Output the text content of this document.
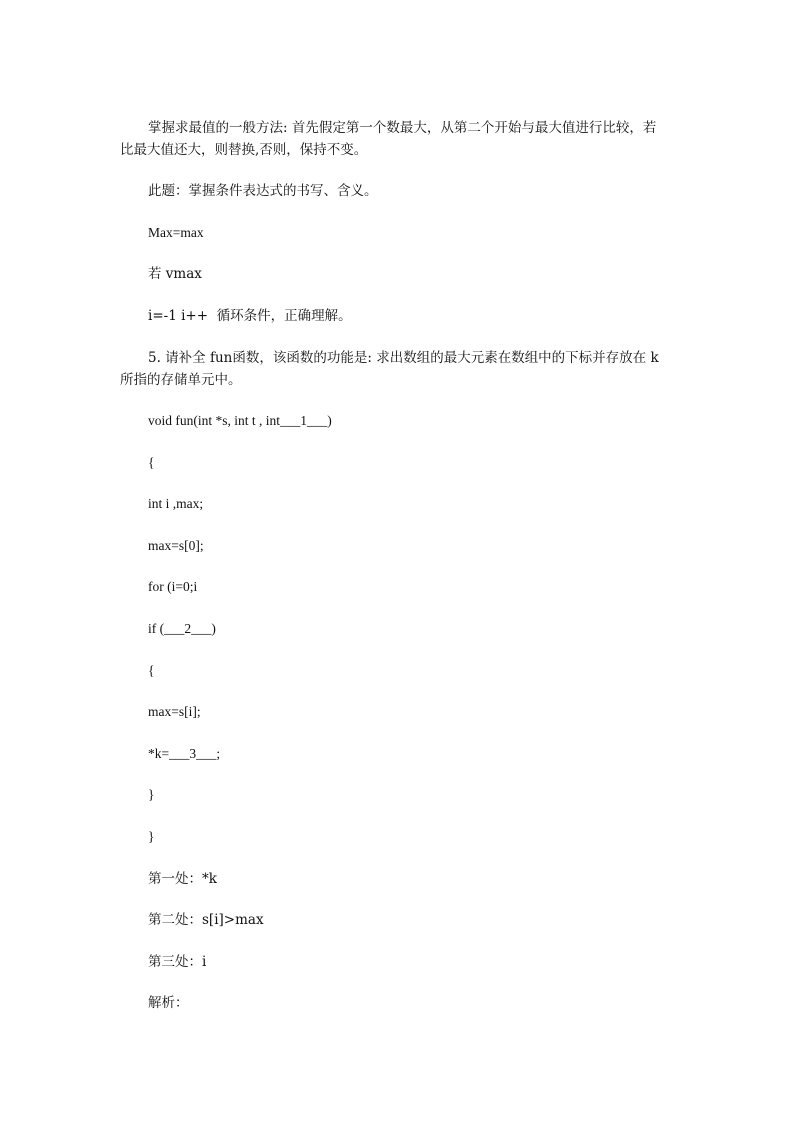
掌握求最值的一般方法: 首先假定第一个数最大，从第二个开始与最大值进行比较，若
比最大值还大，则替换,否则，保持不变。
此题：掌握条件表达式的书写、含义。
Max=max
若 vmax
i=-1 i++  循环条件，正确理解。
5. 请补全 fun函数，该函数的功能是: 求出数组的最大元素在数组中的下标并存放在 k
所指的存储单元中。
void fun(int *s, int t , int___1___)
{
int i ,max;
max=s[0];
for (i=0;i
if (___2___)
{
max=s[i];
*k=___3___;
}
}
第一处：*k
第二处：s[i]>max
第三处：i
解析：
